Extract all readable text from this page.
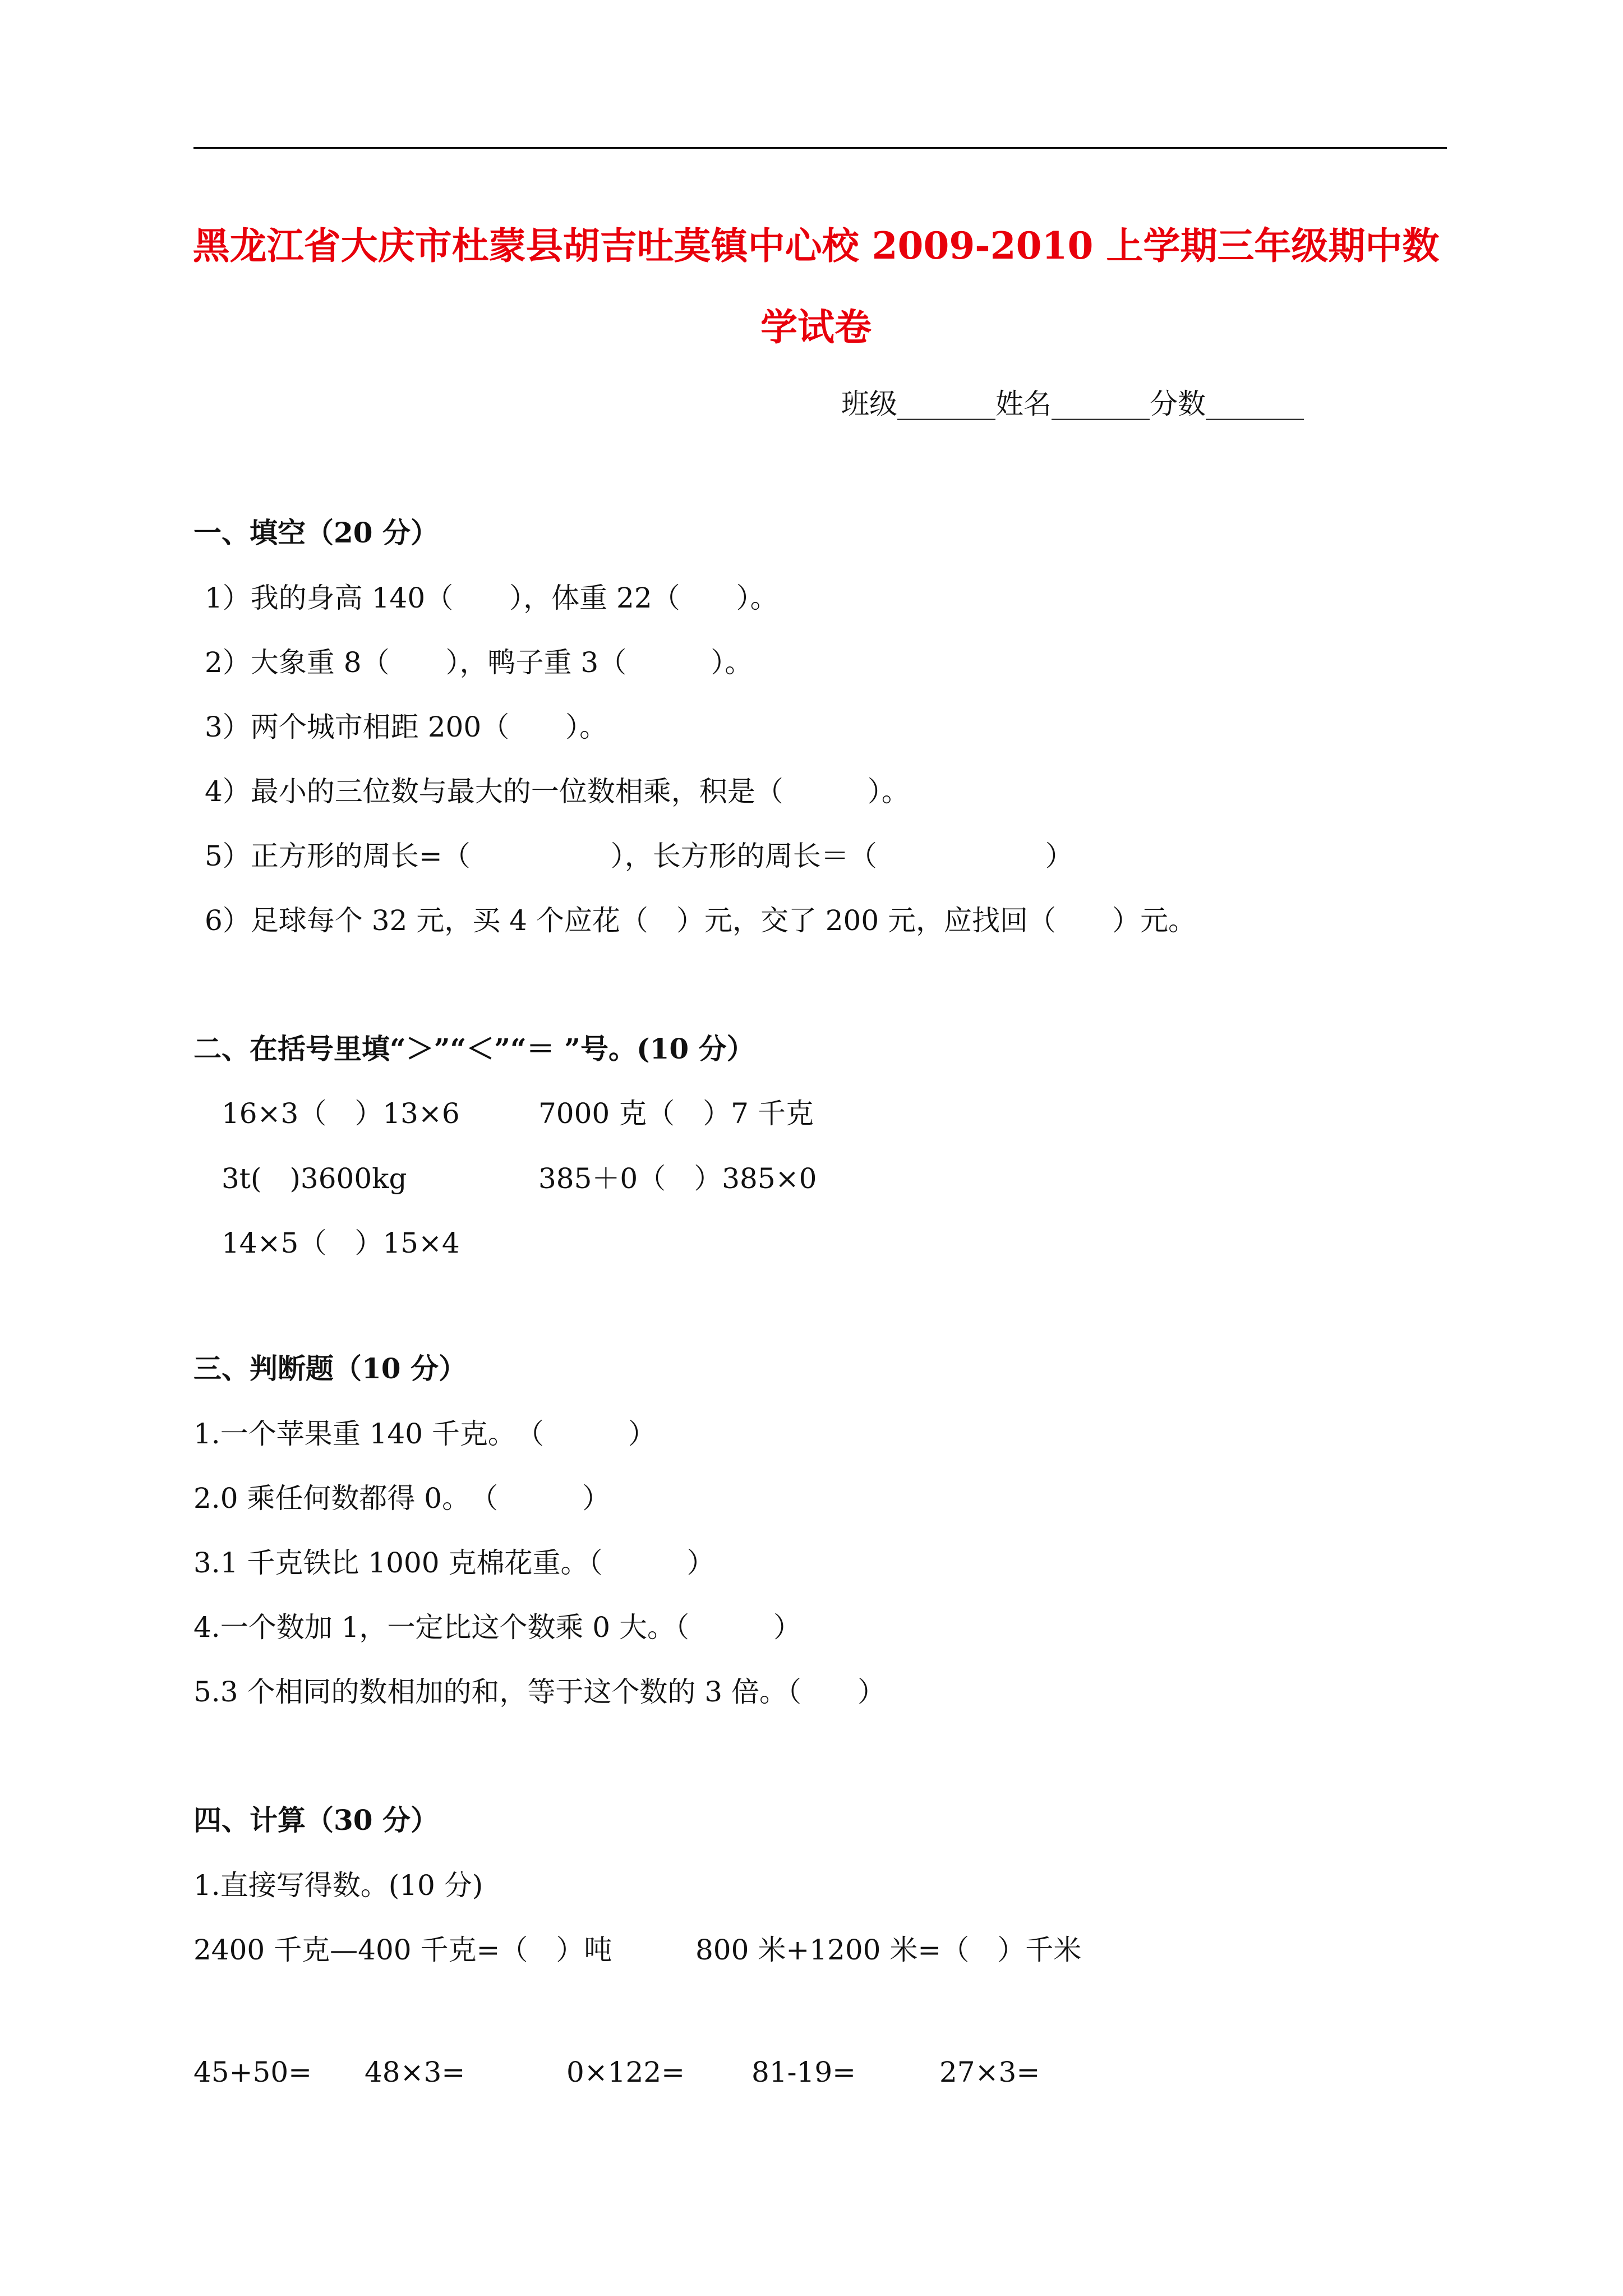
黑龙江省大庆市杜蒙县胡吉吐莫镇中心校 2009-2010 上学期三年级期中数
学试卷
班级_______姓名_______分数_______
一、填空（20 分）
1）我的身高 140（　　），体重 22（　　）。
2）大象重 8（　　），鸭子重 3（　　　）。
3）两个城市相距 200（　　）。
4）最小的三位数与最大的一位数相乘，积是（　　　）。
5）正方形的周长=（　　　　　），长方形的周长＝（　　　　　　）
6）足球每个 32 元，买 4 个应花（　）元，交了 200 元，应找回（　　）元。
二、在括号里填“＞”“＜”“＝ ”号。(10 分）
16×3（　）13×6	7000 克（　）7 千克
3t(　)3600kg	385＋0（　）385×0
14×5（　）15×4
三、判断题（10 分）
1.一个苹果重 140 千克。　（　　　）
2.0 乘任何数都得 0。　（　　　）
3.1 千克铁比 1000 克棉花重。（　　　）
4.一个数加 1，一定比这个数乘 0 大。（　　　）
5.3 个相同的数相加的和，等于这个数的 3 倍。（　　）
四、计算（30 分）
1.直接写得数。(10 分)
2400 千克—400 千克=（　）吨	800 米+1200 米=（　）千米
45+50= 48×3=	0×122= 81-19=	27×3=
